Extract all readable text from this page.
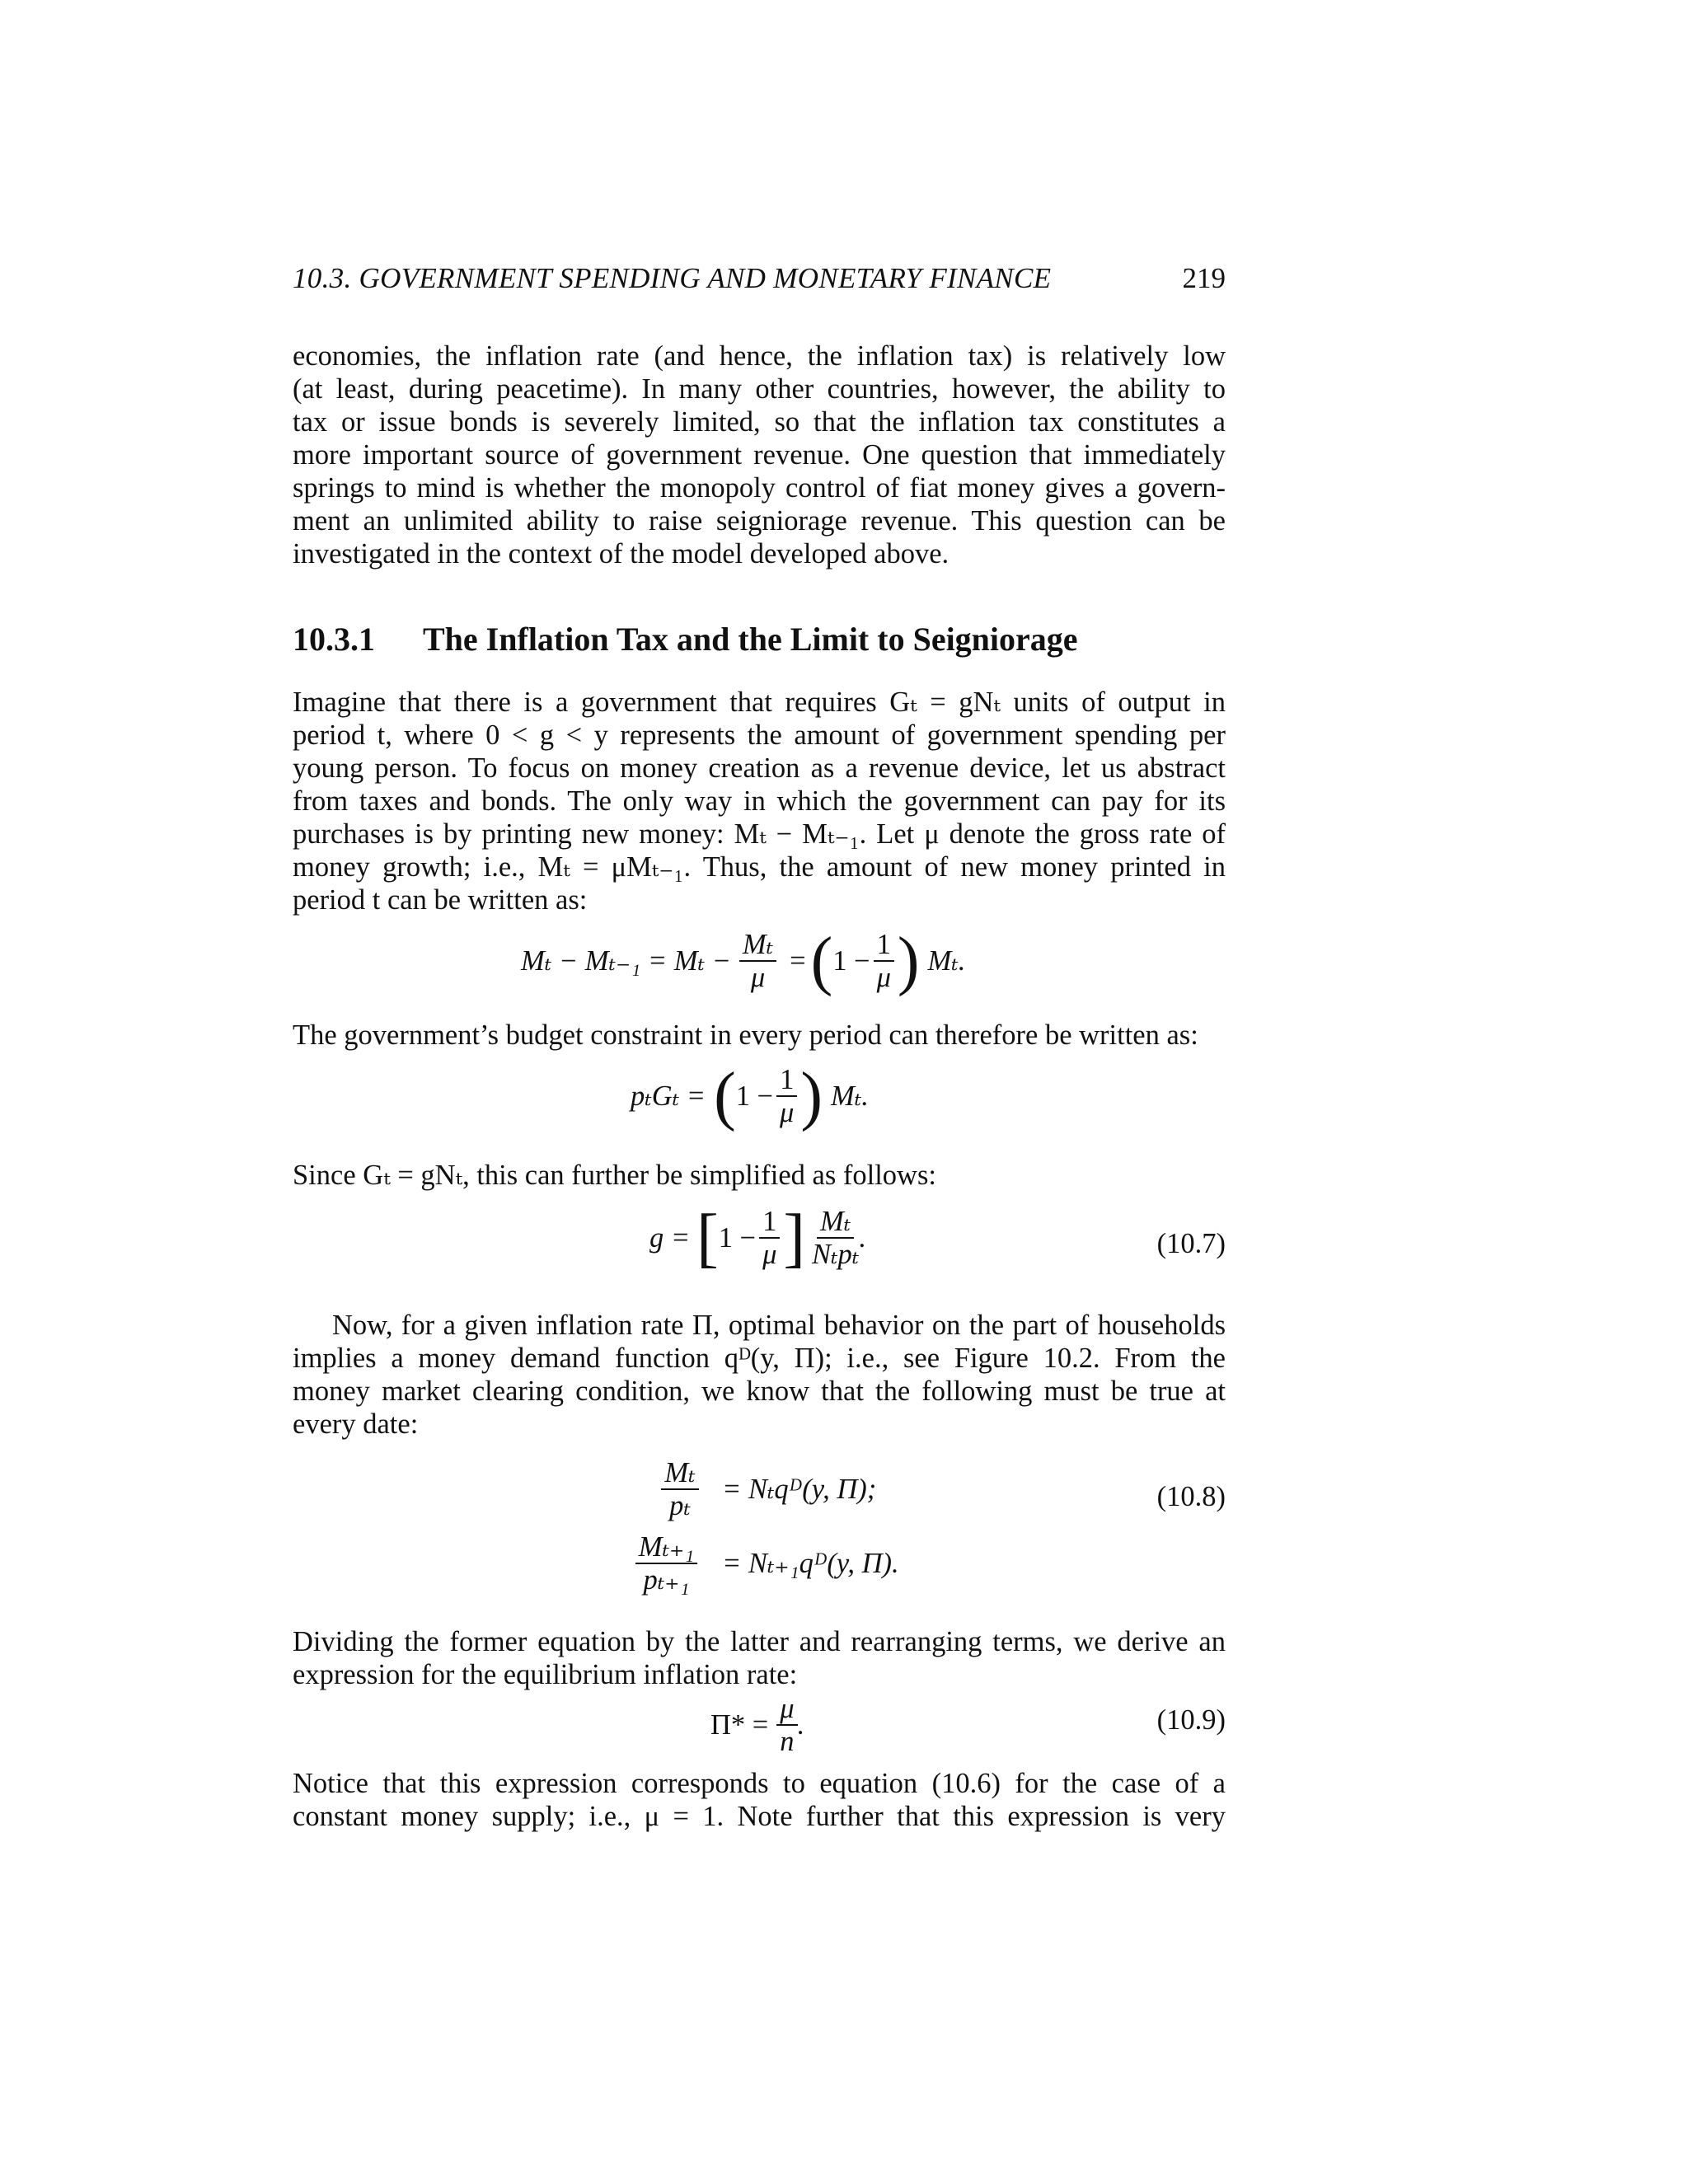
10.3. GOVERNMENT SPENDING AND MONETARY FINANCE	219
economies, the inflation rate (and hence, the inflation tax) is relatively low
(at least, during peacetime). In many other countries, however, the ability to
tax or issue bonds is severely limited, so that the inflation tax constitutes a
more important source of government revenue. One question that immediately
springs to mind is whether the monopoly control of fiat money gives a govern-
ment an unlimited ability to raise seigniorage revenue. This question can be
investigated in the context of the model developed above.
10.3.1 The Inflation Tax and the Limit to Seigniorage
Imagine that there is a government that requires Gₜ = gNₜ units of output in
period t, where 0 < g < y represents the amount of government spending per
young person. To focus on money creation as a revenue device, let us abstract
from taxes and bonds. The only way in which the government can pay for its
purchases is by printing new money: Mₜ − Mₜ₋₁. Let μ denote the gross rate of
money growth; i.e., Mₜ = μMₜ₋₁. Thus, the amount of new money printed in
period t can be written as:
$M_t - M_{t-1} = M_t - \frac{\text{Mₜ}}{\mu}$ = ( $1 - \frac{1}{\mu}$ ) Mₜ.
The government’s budget constraint in every period can therefore be written as:
pₜGₜ = ( $1 - \frac{1}{\mu}$ ) Mₜ.
Since Gₜ = gNₜ, this can further be simplified as follows:
g = [ $1 - \frac{1}{\mu}$ ] $\frac{\text{Mₜ}}{\text{Nₜpₜ}}$ .	(10.7)
Now, for a given inflation rate Π, optimal behavior on the part of households
implies a money demand function qᴰ(y, Π); i.e., see Figure 10.2. From the
money market clearing condition, we know that the following must be true at
every date:
$\frac{\text{Mₜ}}{\text{pₜ}}$ = Nₜqᴰ(y, Π);	(10.8)
$\frac{\text{Mₜ₊₁}}{\text{pₜ₊₁}}$ = Nₜ₊₁qᴰ(y, Π).
Dividing the former equation by the latter and rearranging terms, we derive an
expression for the equilibrium inflation rate:
$\Pi* = \frac{\mu}{n}$ .	(10.9)
Notice that this expression corresponds to equation (10.6) for the case of a
constant money supply; i.e., μ = 1. Note further that this expression is very
